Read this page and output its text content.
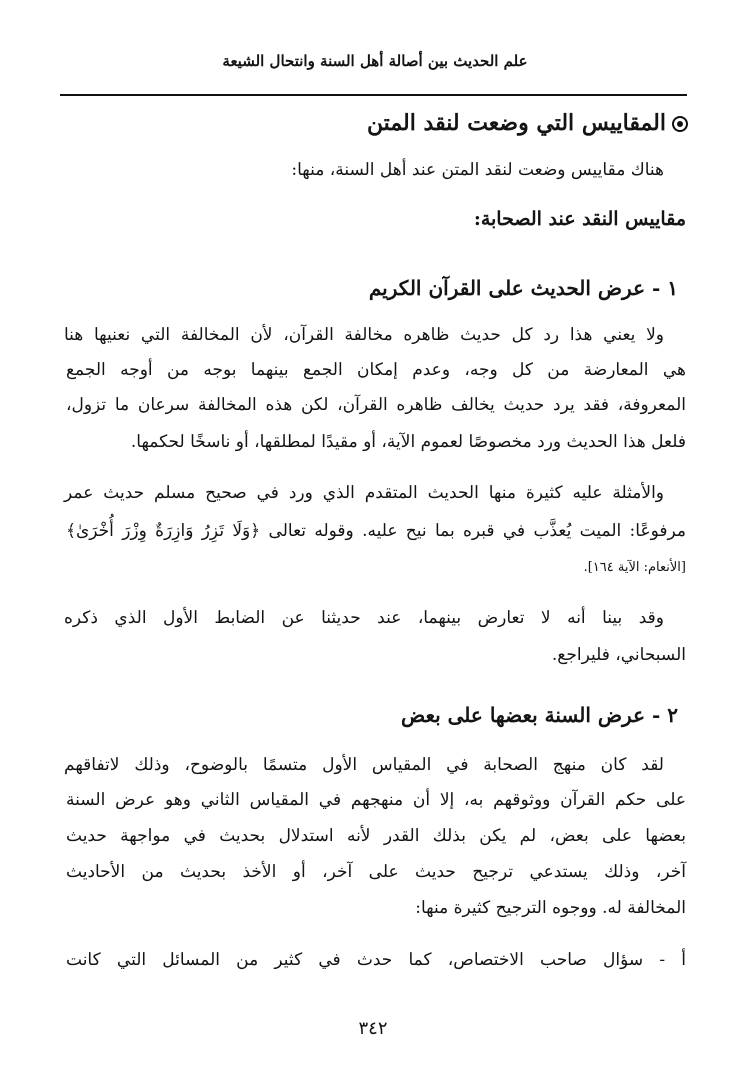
علم الحديث بين أصالة أهل السنة وانتحال الشيعة
المقاييس التي وضعت لنقد المتن
هناك مقاييس وضعت لنقد المتن عند أهل السنة، منها:
مقاييس النقد عند الصحابة:
١ - عرض الحديث على القرآن الكريم
ولا يعني هذا رد كل حديث ظاهره مخالفة القرآن، لأن المخالفة التي نعنيها هنا
هي المعارضة من كل وجه، وعدم إمكان الجمع بينهما بوجه من أوجه الجمع
المعروفة، فقد يرد حديث يخالف ظاهره القرآن، لكن هذه المخالفة سرعان ما تزول،
فلعل هذا الحديث ورد مخصوصًا لعموم الآية، أو مقيدًا لمطلقها، أو ناسخًا لحكمها.
والأمثلة عليه كثيرة منها الحديث المتقدم الذي ورد في صحيح مسلم حديث عمر
مرفوعًا: الميت يُعذَّب في قبره بما نيح عليه. وقوله تعالى ﴿وَلَا تَزِرُ وَازِرَةٌ وِزْرَ أُخْرَىٰ﴾
[الأنعام: الآية ١٦٤].
وقد بينا أنه لا تعارض بينهما، عند حديثنا عن الضابط الأول الذي ذكره
السبحاني، فليراجع.
٢ - عرض السنة بعضها على بعض
لقد كان منهج الصحابة في المقياس الأول متسمًا بالوضوح، وذلك لاتفاقهم
على حكم القرآن ووثوقهم به، إلا أن منهجهم في المقياس الثاني وهو عرض السنة
بعضها على بعض، لم يكن بذلك القدر لأنه استدلال بحديث في مواجهة حديث
آخر، وذلك يستدعي ترجيح حديث على آخر، أو الأخذ بحديث من الأحاديث
المخالفة له. ووجوه الترجيح كثيرة منها:
أ - سؤال صاحب الاختصاص، كما حدث في كثير من المسائل التي كانت
٣٤٢
